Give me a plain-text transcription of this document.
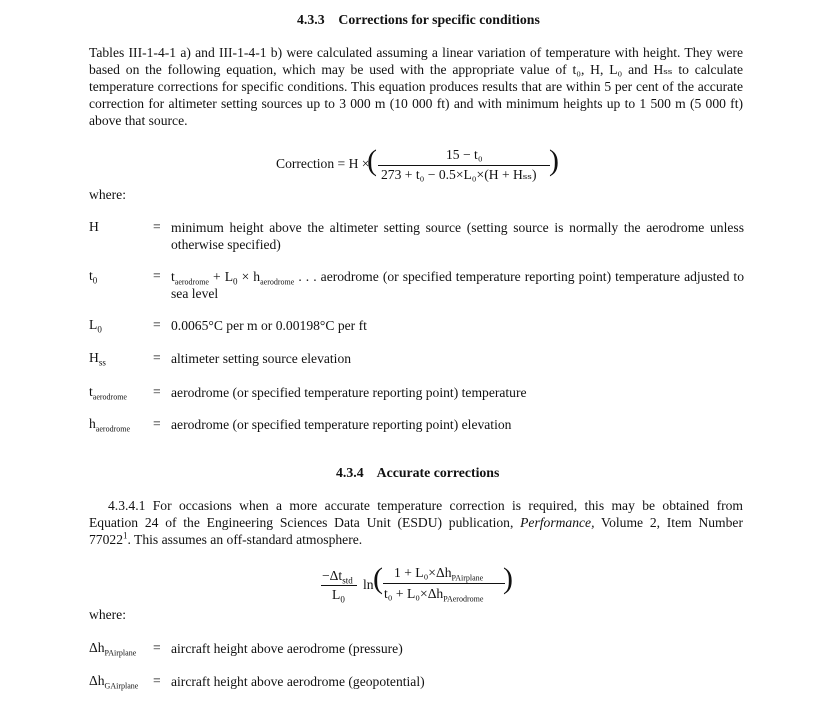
4.3.3 Corrections for specific conditions
Tables III-1-4-1 a) and III-1-4-1 b) were calculated assuming a linear variation of temperature with height. They were
based on the following equation, which may be used with the appropriate value of t₀, H, L₀ and Hₛₛ to calculate
temperature corrections for specific conditions. This equation produces results that are within 5 per cent of the accurate
correction for altimeter setting sources up to 3 000 m (10 000 ft) and with minimum heights up to 1 500 m (5 000 ft)
above that source.
Correction = H ×
(	15 − t₀
273 + t₀ − 0.5×L₀×(H + Hₛₛ) )
where:
H	= minimum height above the altimeter setting source (setting source is normally the aerodrome unless
otherwise specified)
$t_0$	= $t_{aerodrome} + L_0 \times h_{aerodrome}$ . . . aerodrome (or specified temperature reporting point) temperature adjusted to
sea level
$L_0$	= 0.0065°C per m or 0.00198°C per ft
$H_{ss}$	= altimeter setting source elevation
$t_{aerodrome}$ = aerodrome (or specified temperature reporting point) temperature
$h_{aerodrome}$ = aerodrome (or specified temperature reporting point) elevation
4.3.4 Accurate corrections
4.3.4.1 For occasions when a more accurate temperature correction is required, this may be obtained from
Equation 24 of the Engineering Sciences Data Unit (ESDU) publication, Performance, Volume 2, Item Number
77022$^1$. This assumes an off-standard atmosphere.
$-\Delta t_{std}$
$L_0$
ln ( $1 + L_0\times\Delta h_{PAirplane}$
$t_0 + L_0\times\Delta h_{PAerodrome}$
)
where:
$\Delta h_{PAirplane}$ = aircraft height above aerodrome (pressure)
$\Delta h_{GAirplane}$ = aircraft height above aerodrome (geopotential)
